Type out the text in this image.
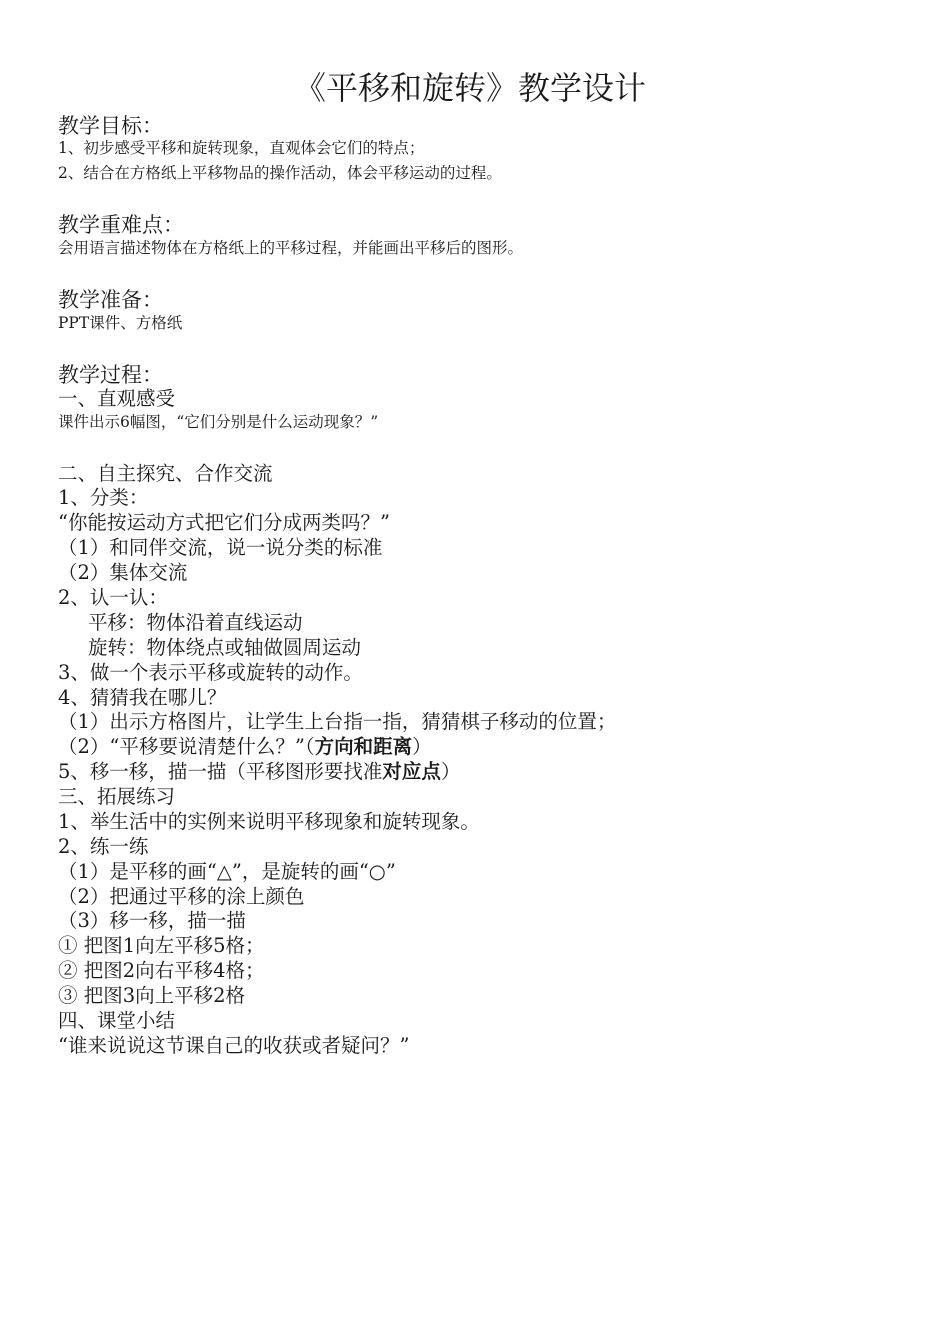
《平移和旋转》教学设计
教学目标：
1、初步感受平移和旋转现象，直观体会它们的特点；
2、结合在方格纸上平移物品的操作活动，体会平移运动的过程。
教学重难点：
会用语言描述物体在方格纸上的平移过程，并能画出平移后的图形。
教学准备：
PPT课件、方格纸
教学过程：
一、直观感受
课件出示6幅图，“它们分别是什么运动现象？”
二、自主探究、合作交流
1、分类：
“你能按运动方式把它们分成两类吗？”
（1）和同伴交流，说一说分类的标准
（2）集体交流
2、认一认：
平移：物体沿着直线运动
旋转：物体绕点或轴做圆周运动
3、做一个表示平移或旋转的动作。
4、猜猜我在哪儿？
（1）出示方格图片，让学生上台指一指，猜猜棋子移动的位置；
（2）“平移要说清楚什么？”（方向和距离）
5、移一移，描一描（平移图形要找准对应点）
三、拓展练习
1、举生活中的实例来说明平移现象和旋转现象。
2、练一练
（1）是平移的画“△”，是旋转的画“○”
（2）把通过平移的涂上颜色
（3）移一移，描一描
① 把图1向左平移5格；
② 把图2向右平移4格；
③ 把图3向上平移2格
四、课堂小结
“谁来说说这节课自己的收获或者疑问？”
